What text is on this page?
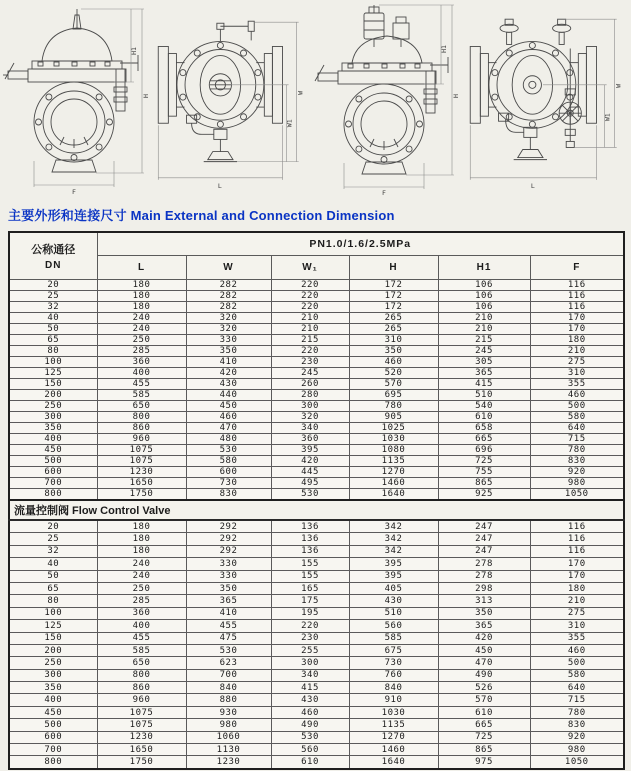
H1
H
F
W
W1
L
H1
H
F
W
W1
L
主要外形和连接尺寸 Main External and Connection Dimension
公称通径
DN	PN1.0/1.6/2.5MPa					
	L	W	W₁	H	H1	F
20	180	282	220	172	106	116
25	180	282	220	172	106	116
32	180	282	220	172	106	116
40	240	320	210	265	210	170
50	240	320	210	265	210	170
65	250	330	215	310	215	180
80	285	350	220	350	245	210
100	360	410	230	460	305	275
125	400	420	245	520	365	310
150	455	430	260	570	415	355
200	585	440	280	695	510	460
250	650	450	300	780	540	500
300	800	460	320	905	610	580
350	860	470	340	1025	658	640
400	960	480	360	1030	665	715
450	1075	530	395	1080	696	780
500	1075	580	420	1135	725	830
600	1230	600	445	1270	755	920
700	1650	730	495	1460	865	980
800	1750	830	530	1640	925	1050
流量控制阀 Flow Control Valve						
20	180	292	136	342	247	116
25	180	292	136	342	247	116
32	180	292	136	342	247	116
40	240	330	155	395	278	170
50	240	330	155	395	278	170
65	250	350	165	405	298	180
80	285	365	175	430	313	210
100	360	410	195	510	350	275
125	400	455	220	560	365	310
150	455	475	230	585	420	355
200	585	530	255	675	450	460
250	650	623	300	730	470	500
300	800	700	340	760	490	580
350	860	840	415	840	526	640
400	960	880	430	910	570	715
450	1075	930	460	1030	610	780
500	1075	980	490	1135	665	830
600	1230	1060	530	1270	725	920
700	1650	1130	560	1460	865	980
800	1750	1230	610	1640	975	1050
